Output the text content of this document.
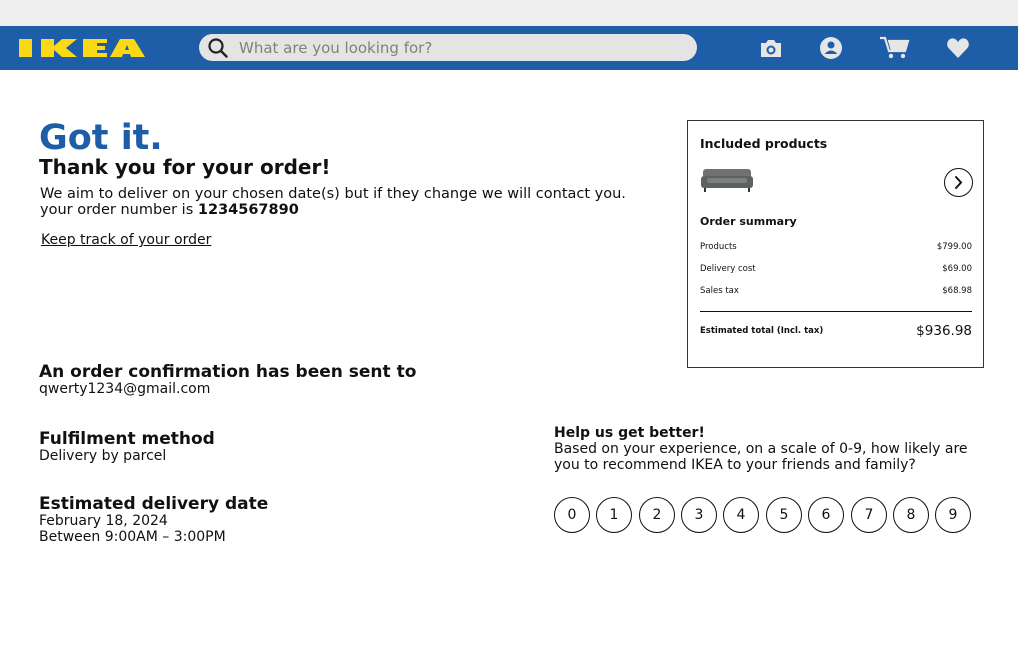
What are you looking for?
Got it.
Thank you for your order!
We aim to deliver on your chosen date(s) but if they change we will contact you.
your order number is 1234567890
Keep track of your order
An order confirmation has been sent to
qwerty1234@gmail.com
Fulfilment method
Delivery by parcel
Estimated delivery date
February 18, 2024
Between 9:00AM – 3:00PM
Included products
Order summary
Products	$799.00
Delivery cost	$69.00
Sales tax	$68.98
Estimated total (Incl. tax)	$936.98
Help us get better!
Based on your experience, on a scale of 0-9, how likely are you to recommend IKEA to your friends and family?
0	1	2	3	4	5	6	7	8	9
